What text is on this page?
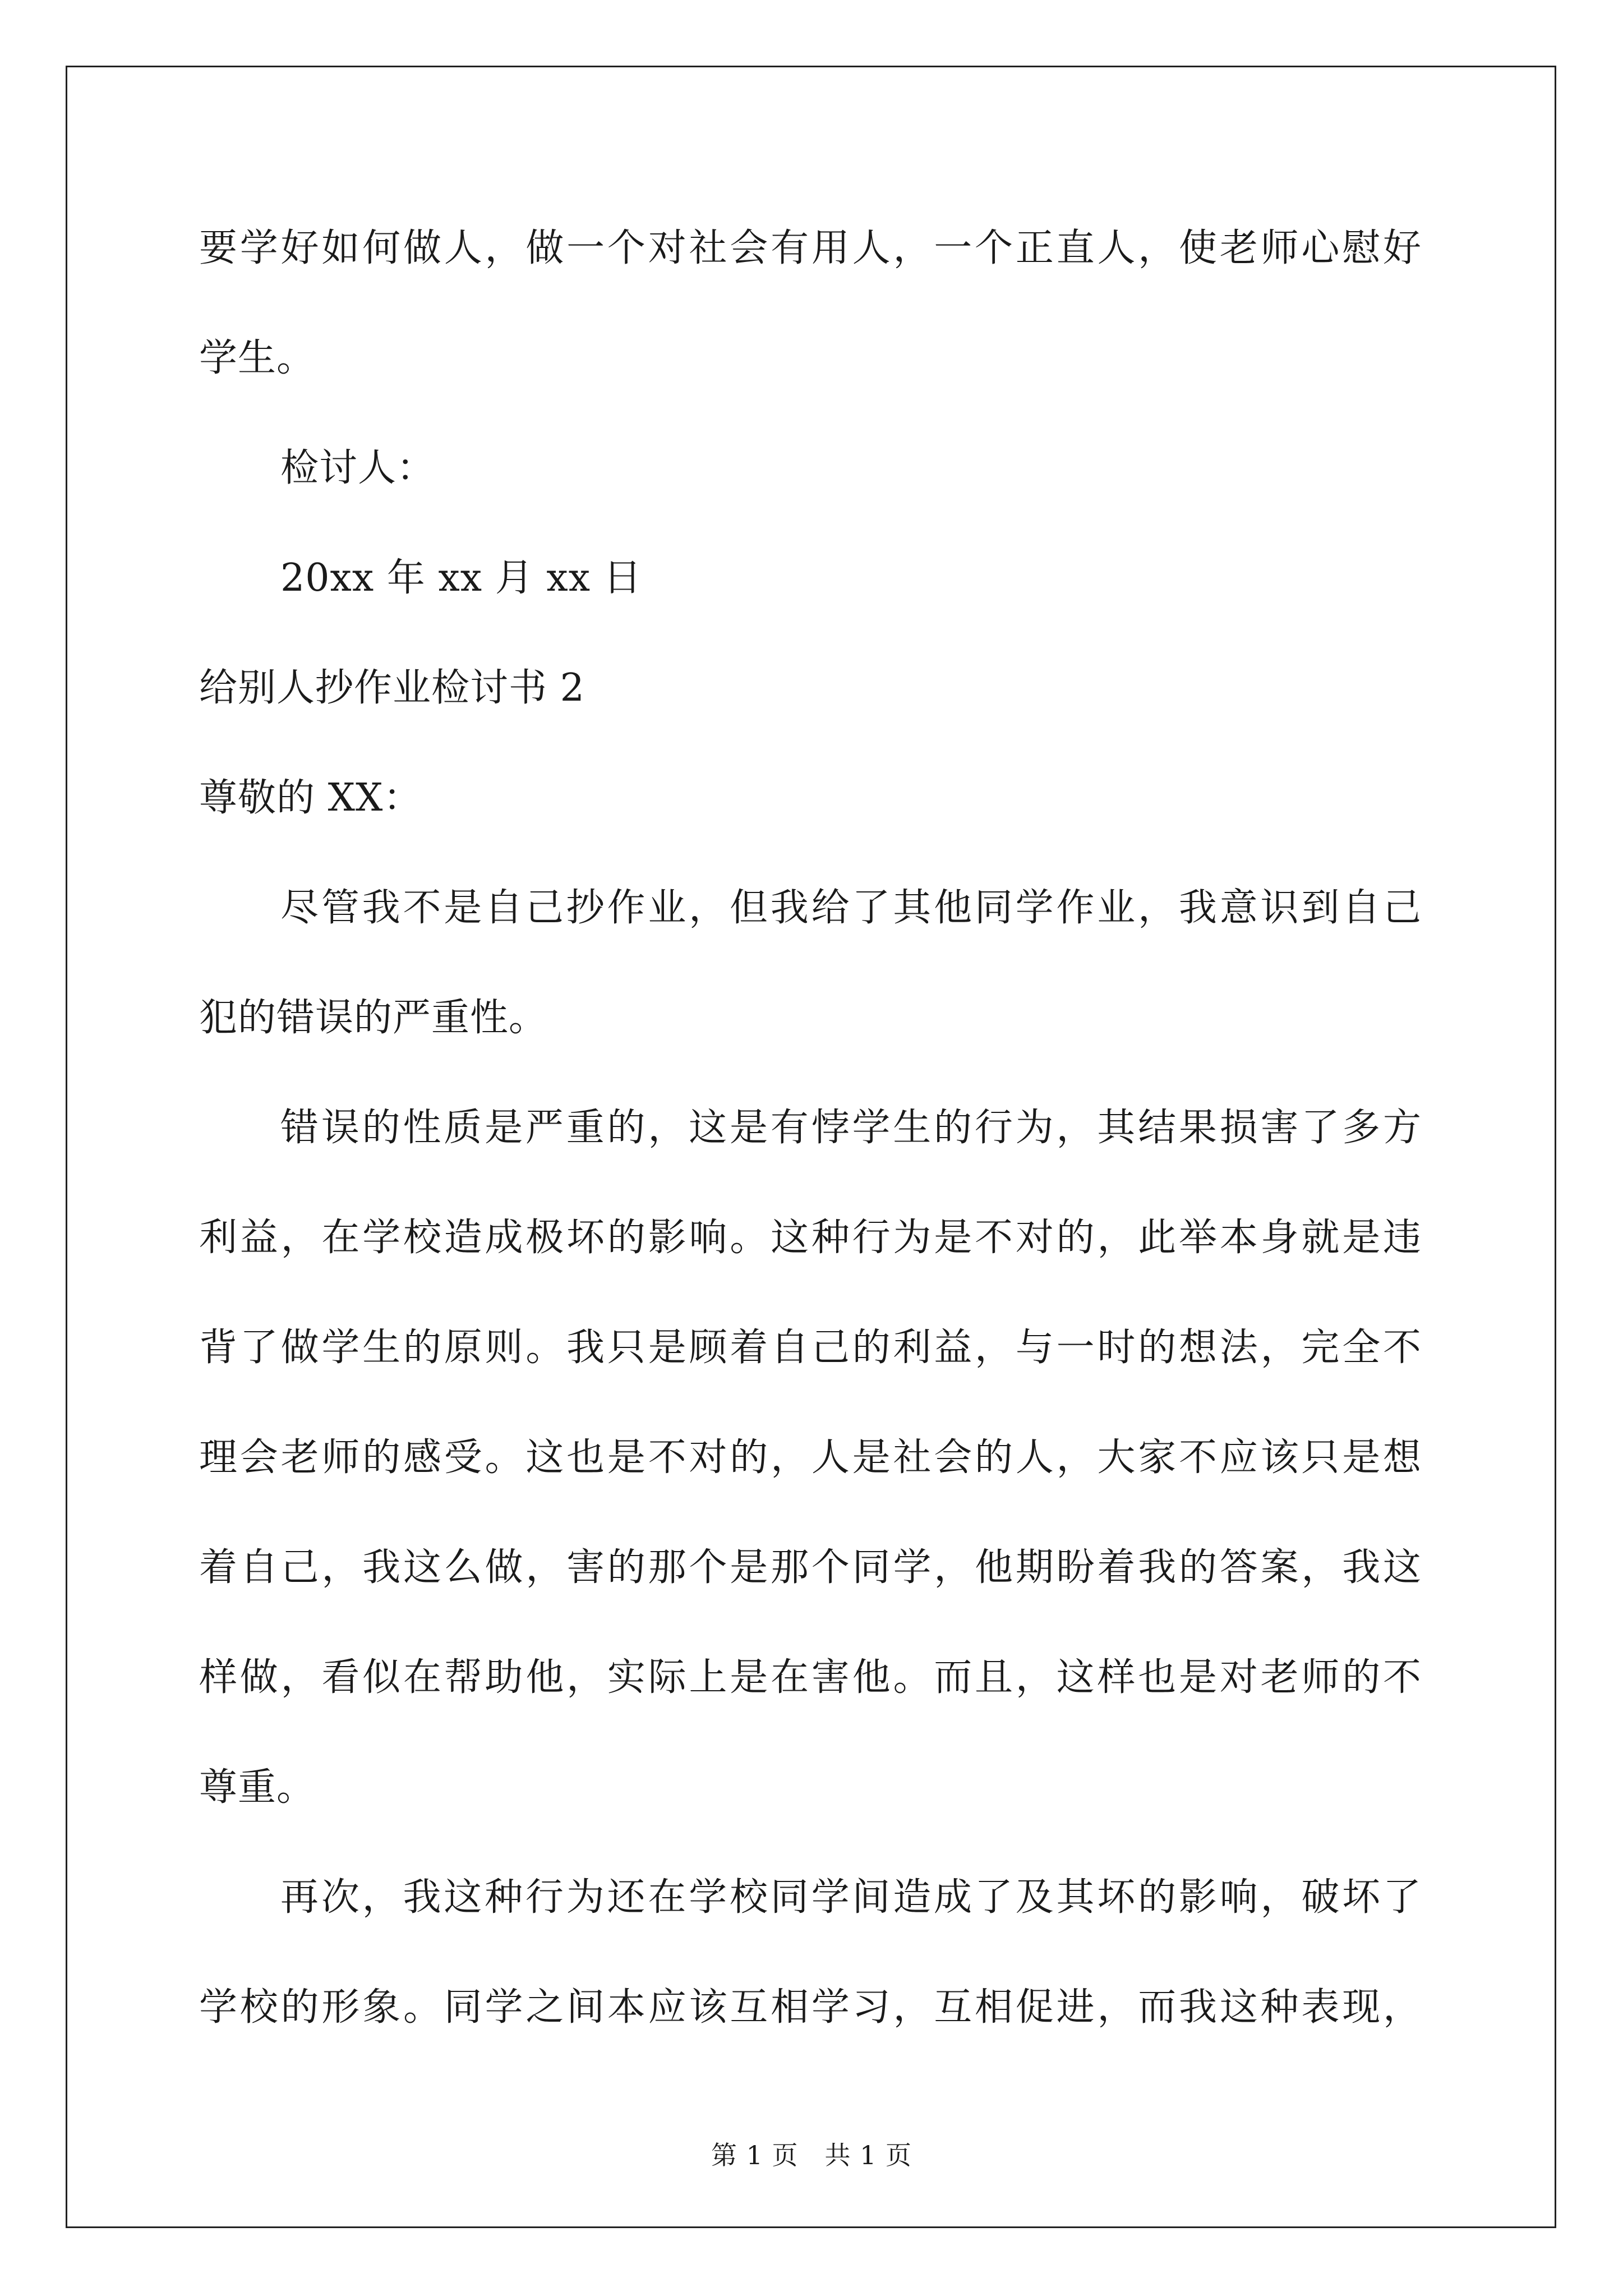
要学好如何做人，做一个对社会有用人，一个正直人，使老师心慰好
学生。
检讨人：
20xx 年 xx 月 xx 日
给别人抄作业检讨书 2
尊敬的 XX：
尽管我不是自己抄作业，但我给了其他同学作业，我意识到自己
犯的错误的严重性。
错误的性质是严重的，这是有悖学生的行为，其结果损害了多方
利益，在学校造成极坏的影响。这种行为是不对的，此举本身就是违
背了做学生的原则。我只是顾着自己的利益，与一时的想法，完全不
理会老师的感受。这也是不对的，人是社会的人，大家不应该只是想
着自己，我这么做，害的那个是那个同学，他期盼着我的答案，我这
样做，看似在帮助他，实际上是在害他。而且，这样也是对老师的不
尊重。
再次，我这种行为还在学校同学间造成了及其坏的影响，破坏了
学校的形象。同学之间本应该互相学习，互相促进，而我这种表现，
第 1 页　共 1 页
